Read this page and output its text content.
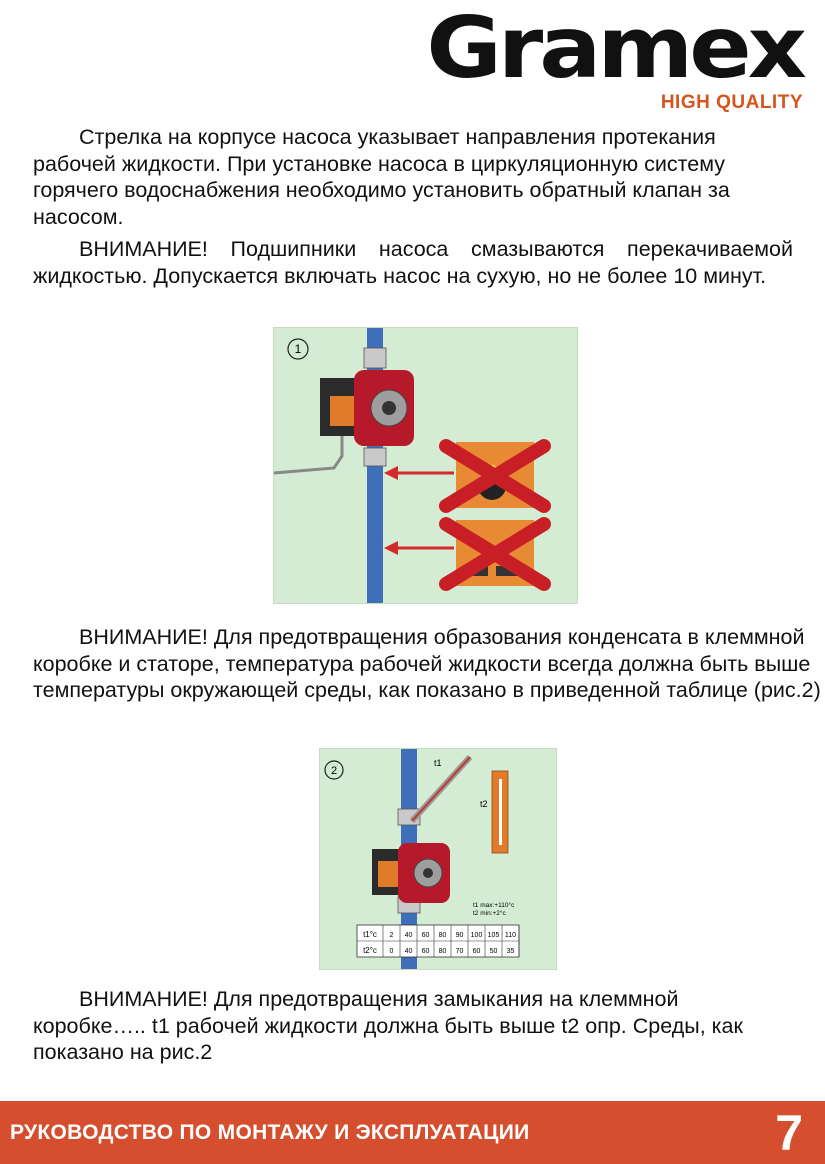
Gramex
HIGH QUALITY

Стрелка на корпусе насоса указывает направления протекания рабочей жидкости. При установке насоса в циркуляционную систему горячего водоснабжения необходимо установить обратный клапан за насосом.

ВНИМАНИЕ! Подшипники насоса смазываются перекачиваемой жидкостью. Допускается включать насос на сухую, но не более 10 минут.

1

ВНИМАНИЕ! Для предотвращения образования конденсата в клеммной коробке и статоре, температура рабочей жидкости всегда должна быть выше температуры окружающей среды, как показано в приведенной таблице (рис.2)

2
t1
t2
t1 max:+110°c
t2 min:+2°c
t1°c
t2°c
2 40 60 80 90 100 105 110
0 40 60 80 70 60 50 35

ВНИМАНИЕ! Для предотвращения замыкания на клеммной коробке….. t1 рабочей жидкости должна быть выше t2 опр. Среды, как показано на рис.2

РУКОВОДСТВО ПО МОНТАЖУ И ЭКСПЛУАТАЦИИ	7
